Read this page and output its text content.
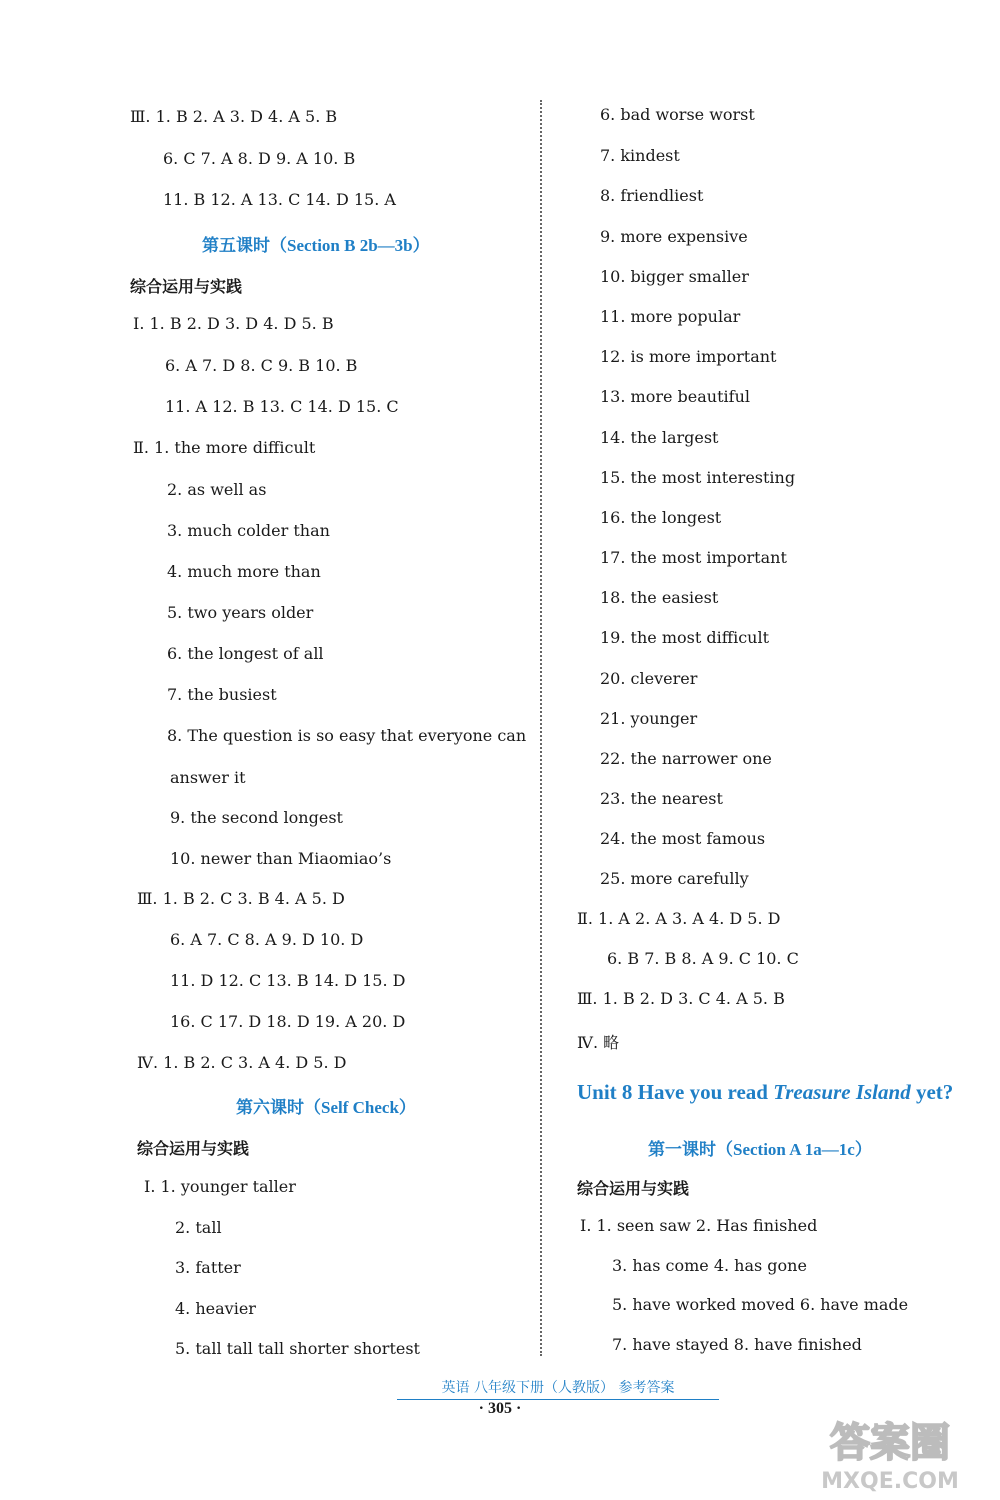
Ⅲ. 1. B 2. A 3. D 4. A 5. B
6. C 7. A 8. D 9. A 10. B
11. B 12. A 13. C 14. D 15. A
第五课时（Section B 2b—3b）
综合运用与实践
Ⅰ. 1. B 2. D 3. D 4. D 5. B
6. A 7. D 8. C 9. B 10. B
11. A 12. B 13. C 14. D 15. C
Ⅱ. 1. the more difficult
2. as well as
3. much colder than
4. much more than
5. two years older
6. the longest of all
7. the busiest
8. The question is so easy that everyone can
answer it
9. the second longest
10. newer than Miaomiao’s
Ⅲ. 1. B 2. C 3. B 4. A 5. D
6. A 7. C 8. A 9. D 10. D
11. D 12. C 13. B 14. D 15. D
16. C 17. D 18. D 19. A 20. D
Ⅳ. 1. B 2. C 3. A 4. D 5. D
第六课时（Self Check）
综合运用与实践
Ⅰ. 1. younger taller
2. tall
3. fatter
4. heavier
5. tall tall tall shorter shortest
6. bad worse worst
7. kindest
8. friendliest
9. more expensive
10. bigger smaller
11. more popular
12. is more important
13. more beautiful
14. the largest
15. the most interesting
16. the longest
17. the most important
18. the easiest
19. the most difficult
20. cleverer
21. younger
22. the narrower one
23. the nearest
24. the most famous
25. more carefully
Ⅱ. 1. A 2. A 3. A 4. D 5. D
6. B 7. B 8. A 9. C 10. C
Ⅲ. 1. B 2. D 3. C 4. A 5. B
Ⅳ. 略
Unit 8 Have you read Treasure Island yet?
第一课时（Section A 1a—1c）
综合运用与实践
Ⅰ. 1. seen saw 2. Has finished
3. has come 4. has gone
5. have worked moved 6. have made
7. have stayed 8. have finished
英语 八年级下册（人教版） 参考答案
· 305 ·
答案圈
MXQE.COM
